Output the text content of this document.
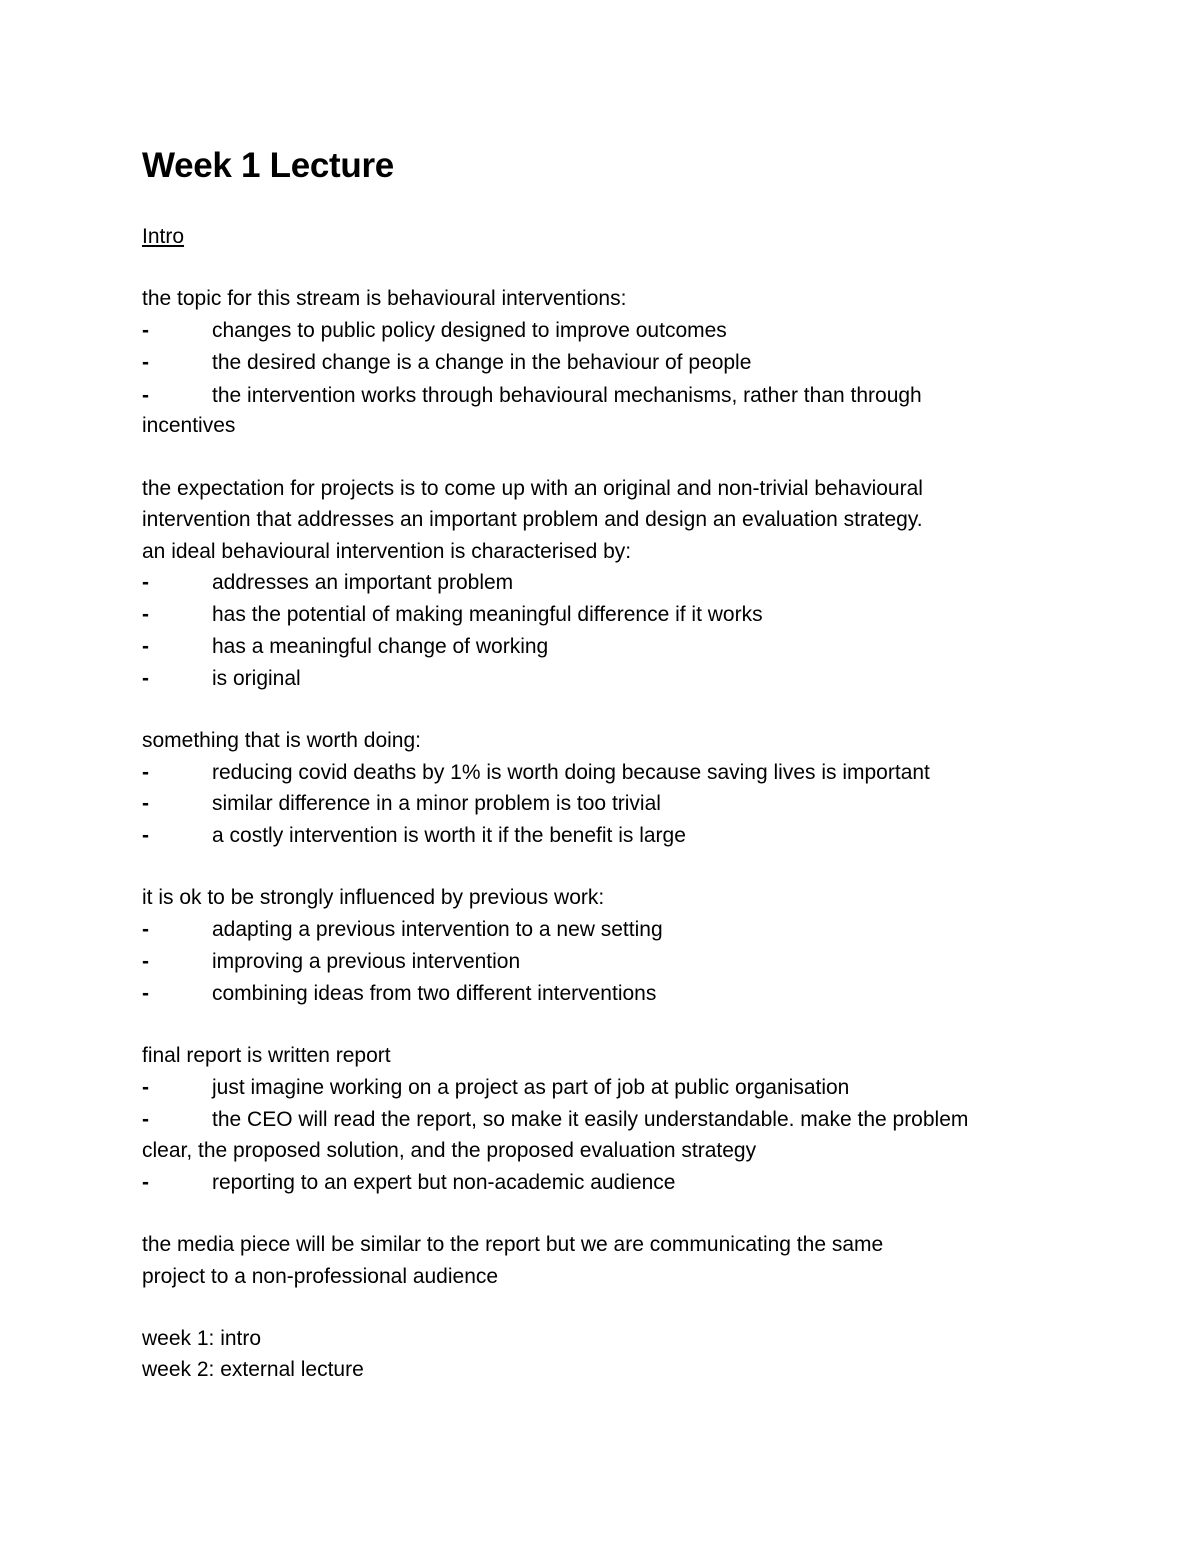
Week 1 Lecture
Intro
the topic for this stream is behavioural interventions:
-	changes to public policy designed to improve outcomes
-	the desired change is a change in the behaviour of people
-	the intervention works through behavioural mechanisms, rather than through
incentives
the expectation for projects is to come up with an original and non-trivial behavioural
intervention that addresses an important problem and design an evaluation strategy.
an ideal behavioural intervention is characterised by:
-	addresses an important problem
-	has the potential of making meaningful difference if it works
-	has a meaningful change of working
-	is original
something that is worth doing:
-	reducing covid deaths by 1% is worth doing because saving lives is important
-	similar difference in a minor problem is too trivial
-	a costly intervention is worth it if the benefit is large
it is ok to be strongly influenced by previous work:
-	adapting a previous intervention to a new setting
-	improving a previous intervention
-	combining ideas from two different interventions
final report is written report
-	just imagine working on a project as part of job at public organisation
-	the CEO will read the report, so make it easily understandable. make the problem
clear, the proposed solution, and the proposed evaluation strategy
-	reporting to an expert but non-academic audience
the media piece will be similar to the report but we are communicating the same
project to a non-professional audience
week 1: intro
week 2: external lecture
